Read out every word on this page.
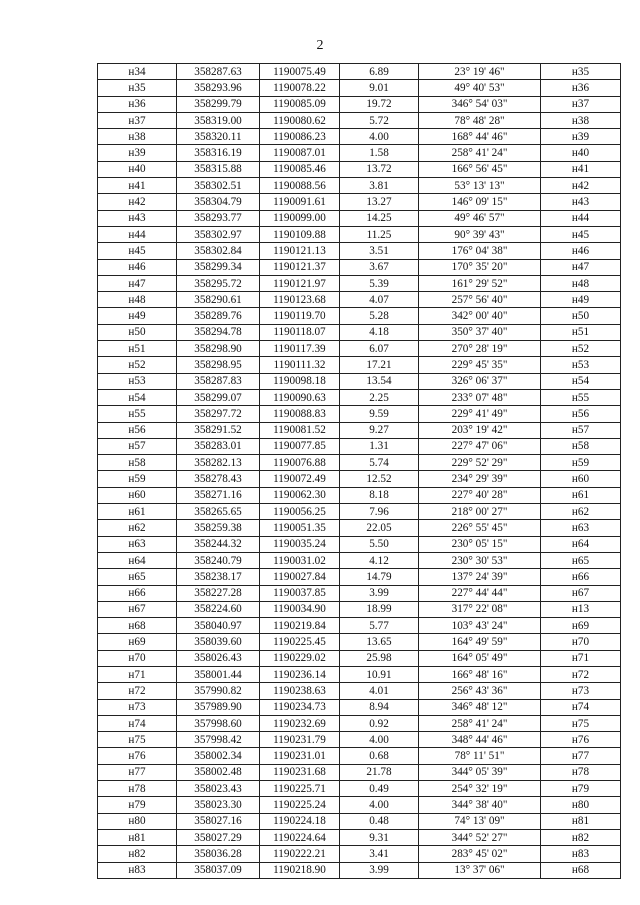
2
н34	358287.63	1190075.49	6.89	23° 19' 46"	н35
н35	358293.96	1190078.22	9.01	49° 40' 53"	н36
н36	358299.79	1190085.09	19.72	346° 54' 03"	н37
н37	358319.00	1190080.62	5.72	78° 48' 28"	н38
н38	358320.11	1190086.23	4.00	168° 44' 46"	н39
н39	358316.19	1190087.01	1.58	258° 41' 24"	н40
н40	358315.88	1190085.46	13.72	166° 56' 45"	н41
н41	358302.51	1190088.56	3.81	53° 13' 13"	н42
н42	358304.79	1190091.61	13.27	146° 09' 15"	н43
н43	358293.77	1190099.00	14.25	49° 46' 57"	н44
н44	358302.97	1190109.88	11.25	90° 39' 43"	н45
н45	358302.84	1190121.13	3.51	176° 04' 38"	н46
н46	358299.34	1190121.37	3.67	170° 35' 20"	н47
н47	358295.72	1190121.97	5.39	161° 29' 52"	н48
н48	358290.61	1190123.68	4.07	257° 56' 40"	н49
н49	358289.76	1190119.70	5.28	342° 00' 40"	н50
н50	358294.78	1190118.07	4.18	350° 37' 40"	н51
н51	358298.90	1190117.39	6.07	270° 28' 19"	н52
н52	358298.95	1190111.32	17.21	229° 45' 35"	н53
н53	358287.83	1190098.18	13.54	326° 06' 37"	н54
н54	358299.07	1190090.63	2.25	233° 07' 48"	н55
н55	358297.72	1190088.83	9.59	229° 41' 49"	н56
н56	358291.52	1190081.52	9.27	203° 19' 42"	н57
н57	358283.01	1190077.85	1.31	227° 47' 06"	н58
н58	358282.13	1190076.88	5.74	229° 52' 29"	н59
н59	358278.43	1190072.49	12.52	234° 29' 39"	н60
н60	358271.16	1190062.30	8.18	227° 40' 28"	н61
н61	358265.65	1190056.25	7.96	218° 00' 27"	н62
н62	358259.38	1190051.35	22.05	226° 55' 45"	н63
н63	358244.32	1190035.24	5.50	230° 05' 15"	н64
н64	358240.79	1190031.02	4.12	230° 30' 53"	н65
н65	358238.17	1190027.84	14.79	137° 24' 39"	н66
н66	358227.28	1190037.85	3.99	227° 44' 44"	н67
н67	358224.60	1190034.90	18.99	317° 22' 08"	н13
н68	358040.97	1190219.84	5.77	103° 43' 24"	н69
н69	358039.60	1190225.45	13.65	164° 49' 59"	н70
н70	358026.43	1190229.02	25.98	164° 05' 49"	н71
н71	358001.44	1190236.14	10.91	166° 48' 16"	н72
н72	357990.82	1190238.63	4.01	256° 43' 36"	н73
н73	357989.90	1190234.73	8.94	346° 48' 12"	н74
н74	357998.60	1190232.69	0.92	258° 41' 24"	н75
н75	357998.42	1190231.79	4.00	348° 44' 46"	н76
н76	358002.34	1190231.01	0.68	78° 11' 51"	н77
н77	358002.48	1190231.68	21.78	344° 05' 39"	н78
н78	358023.43	1190225.71	0.49	254° 32' 19"	н79
н79	358023.30	1190225.24	4.00	344° 38' 40"	н80
н80	358027.16	1190224.18	0.48	74° 13' 09"	н81
н81	358027.29	1190224.64	9.31	344° 52' 27"	н82
н82	358036.28	1190222.21	3.41	283° 45' 02"	н83
н83	358037.09	1190218.90	3.99	13° 37' 06"	н68
